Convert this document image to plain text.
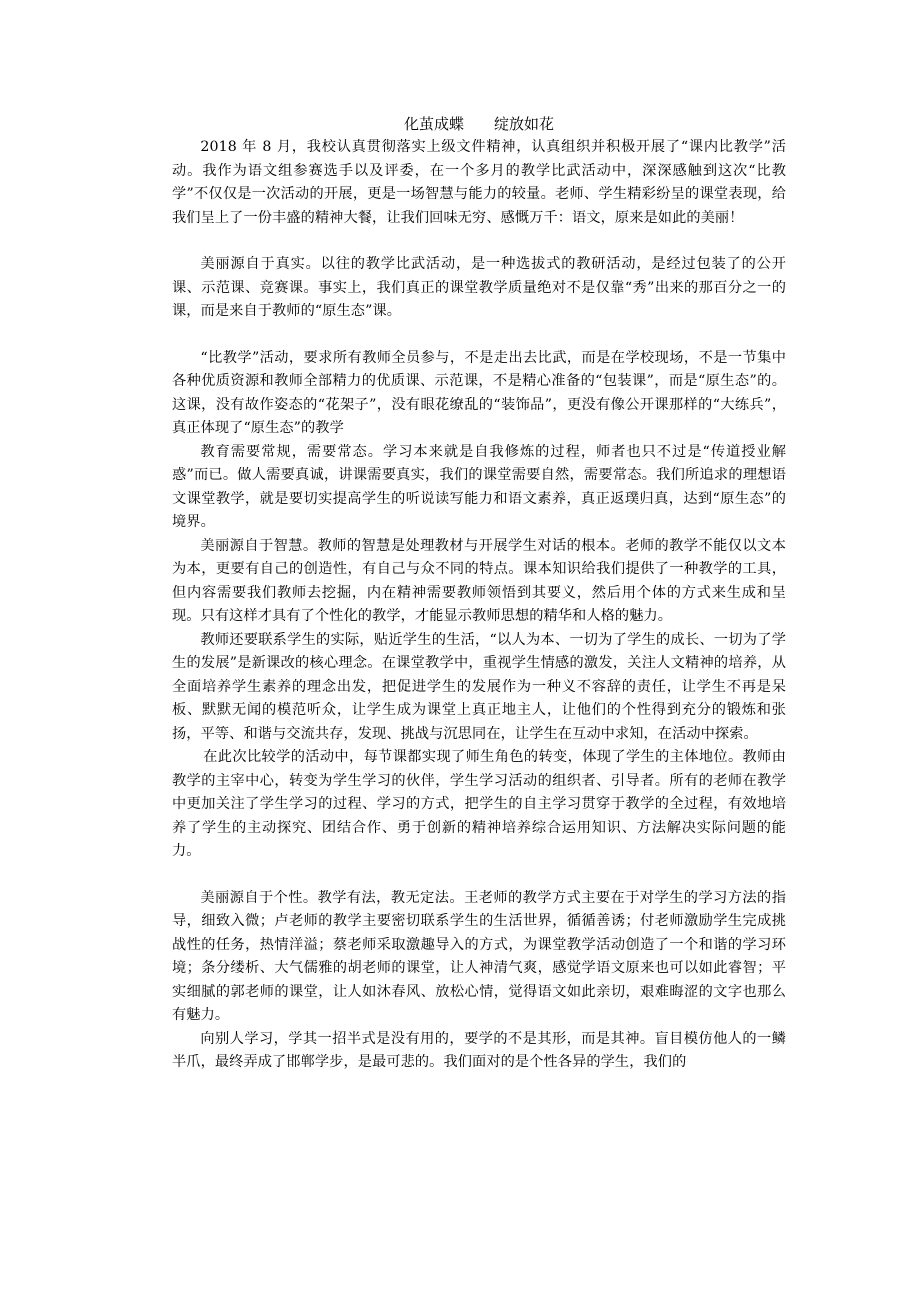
化茧成蝶　　绽放如花

2018 年 8 月，我校认真贯彻落实上级文件精神，认真组织并积极开展了“课内比教学”活动。我作为语文组参赛选手以及评委，在一个多月的教学比武活动中，深深感触到这次“比教学”不仅仅是一次活动的开展，更是一场智慧与能力的较量。老师、学生精彩纷呈的课堂表现，给我们呈上了一份丰盛的精神大餐，让我们回味无穷、感慨万千：语文，原来是如此的美丽！

美丽源自于真实。以往的教学比武活动，是一种选拔式的教研活动，是经过包装了的公开课、示范课、竞赛课。事实上，我们真正的课堂教学质量绝对不是仅靠“秀”出来的那百分之一的课，而是来自于教师的“原生态”课。

“比教学”活动，要求所有教师全员参与，不是走出去比武，而是在学校现场，不是一节集中各种优质资源和教师全部精力的优质课、示范课，不是精心准备的“包装课”，而是“原生态”的。这课，没有故作姿态的“花架子”，没有眼花缭乱的“装饰品”，更没有像公开课那样的“大练兵”，真正体现了“原生态”的教学

教育需要常规，需要常态。学习本来就是自我修炼的过程，师者也只不过是“传道授业解惑”而已。做人需要真诚，讲课需要真实，我们的课堂需要自然，需要常态。我们所追求的理想语文课堂教学，就是要切实提高学生的听说读写能力和语文素养，真正返璞归真，达到“原生态”的境界。

美丽源自于智慧。教师的智慧是处理教材与开展学生对话的根本。老师的教学不能仅以文本为本，更要有自己的创造性，有自己与众不同的特点。课本知识给我们提供了一种教学的工具，但内容需要我们教师去挖掘，内在精神需要教师领悟到其要义，然后用个体的方式来生成和呈现。只有这样才具有了个性化的教学，才能显示教师思想的精华和人格的魅力。

教师还要联系学生的实际，贴近学生的生活，“以人为本、一切为了学生的成长、一切为了学生的发展”是新课改的核心理念。在课堂教学中，重视学生情感的激发，关注人文精神的培养，从全面培养学生素养的理念出发，把促进学生的发展作为一种义不容辞的责任，让学生不再是呆板、默默无闻的模范听众，让学生成为课堂上真正地主人，让他们的个性得到充分的锻炼和张扬，平等、和谐与交流共存，发现、挑战与沉思同在，让学生在互动中求知，在活动中探索。

在此次比较学的活动中，每节课都实现了师生角色的转变，体现了学生的主体地位。教师由教学的主宰中心，转变为学生学习的伙伴，学生学习活动的组织者、引导者。所有的老师在教学中更加关注了学生学习的过程、学习的方式，把学生的自主学习贯穿于教学的全过程，有效地培养了学生的主动探究、团结合作、勇于创新的精神培养综合运用知识、方法解决实际问题的能力。

美丽源自于个性。教学有法，教无定法。王老师的教学方式主要在于对学生的学习方法的指导，细致入微；卢老师的教学主要密切联系学生的生活世界，循循善诱；付老师激励学生完成挑战性的任务，热情洋溢；蔡老师采取激趣导入的方式，为课堂教学活动创造了一个和谐的学习环境；条分缕析、大气儒雅的胡老师的课堂，让人神清气爽，感觉学语文原来也可以如此睿智；平实细腻的郭老师的课堂，让人如沐春风、放松心情，觉得语文如此亲切，艰难晦涩的文字也那么有魅力。

向别人学习，学其一招半式是没有用的，要学的不是其形，而是其神。盲目模仿他人的一鳞半爪，最终弄成了邯郸学步，是最可悲的。我们面对的是个性各异的学生，我们的
